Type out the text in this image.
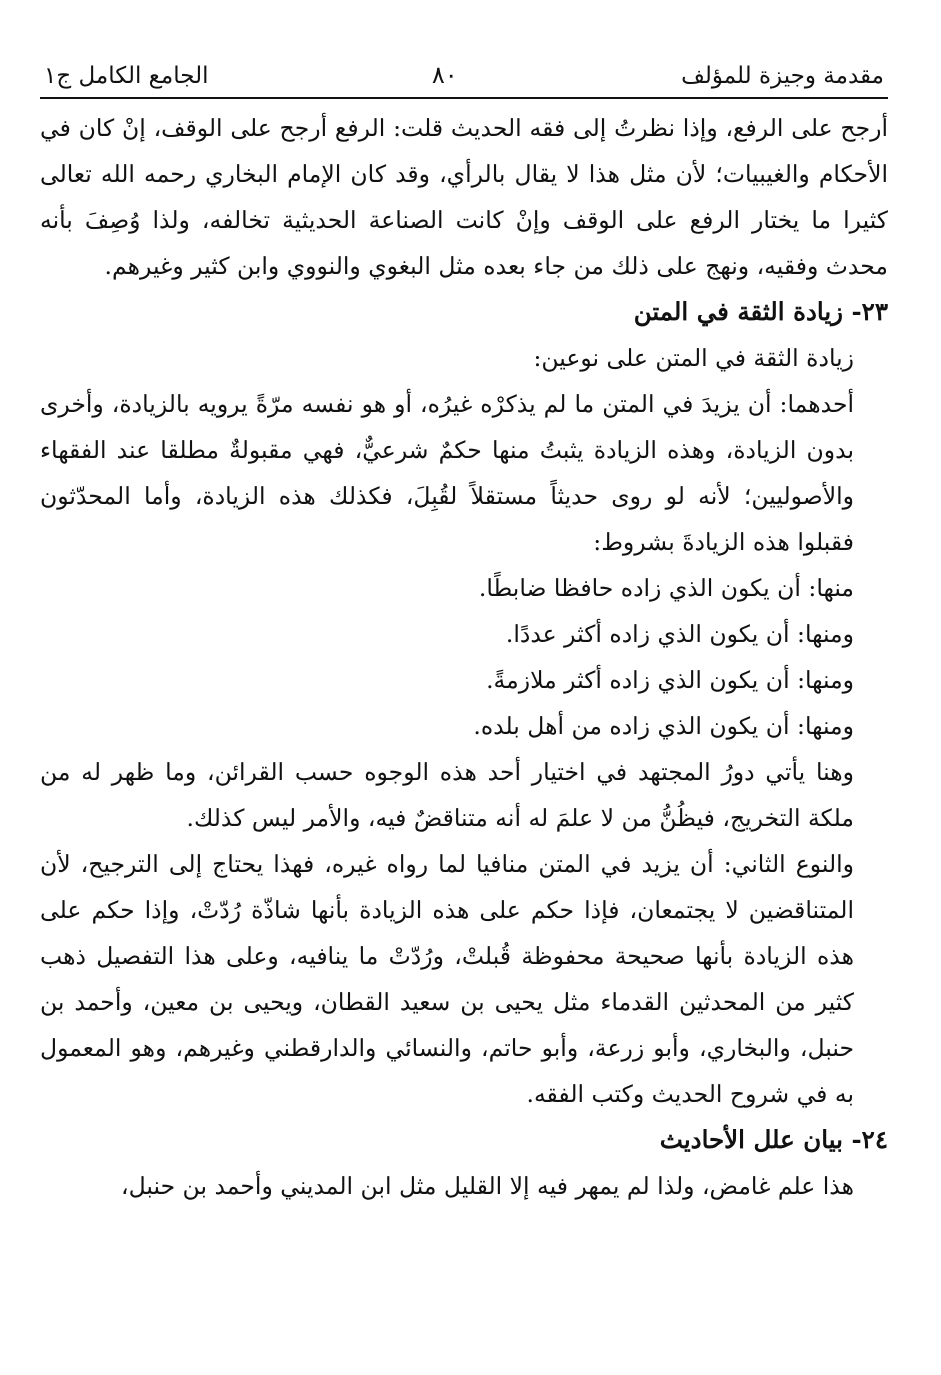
مقدمة وجيزة للمؤلف
٨٠
الجامع الكامل ج١

أرجح على الرفع، وإذا نظرتُ إلى فقه الحديث قلت: الرفع أرجح على الوقف، إنْ كان في الأحكام والغيبيات؛ لأن مثل هذا لا يقال بالرأي، وقد كان الإمام البخاري رحمه الله تعالى كثيرا ما يختار الرفع على الوقف وإنْ كانت الصناعة الحديثية تخالفه، ولذا وُصِفَ بأنه محدث وفقيه، ونهج على ذلك من جاء بعده مثل البغوي والنووي وابن كثير وغيرهم.

٢٣- زيادة الثقة في المتن

زيادة الثقة في المتن على نوعين:

أحدهما: أن يزيدَ في المتن ما لم يذكرْه غيرُه، أو هو نفسه مرّةً يرويه بالزيادة، وأخرى بدون الزيادة، وهذه الزيادة يثبتُ منها حكمٌ شرعيٌّ، فهي مقبولةٌ مطلقا عند الفقهاء والأصوليين؛ لأنه لو روى حديثاً مستقلاً لقُبِلَ، فكذلك هذه الزيادة، وأما المحدّثون فقبلوا هذه الزيادةَ بشروط:

منها: أن يكون الذي زاده حافظا ضابطًا.

ومنها: أن يكون الذي زاده أكثر عددًا.

ومنها: أن يكون الذي زاده أكثر ملازمةً.

ومنها: أن يكون الذي زاده من أهل بلده.

وهنا يأتي دورُ المجتهد في اختيار أحد هذه الوجوه حسب القرائن، وما ظهر له من ملكة التخريج، فيظُنُّ من لا علمَ له أنه متناقضٌ فيه، والأمر ليس كذلك.

والنوع الثاني: أن يزيد في المتن منافيا لما رواه غيره، فهذا يحتاج إلى الترجيح، لأن المتناقضين لا يجتمعان، فإذا حكم على هذه الزيادة بأنها شاذّة رُدّتْ، وإذا حكم على هذه الزيادة بأنها صحيحة محفوظة قُبلتْ، ورُدّتْ ما ينافيه، وعلى هذا التفصيل ذهب كثير من المحدثين القدماء مثل يحيى بن سعيد القطان، ويحيى بن معين، وأحمد بن حنبل، والبخاري، وأبو زرعة، وأبو حاتم، والنسائي والدارقطني وغيرهم، وهو المعمول به في شروح الحديث وكتب الفقه.

٢٤- بيان علل الأحاديث

هذا علم غامض، ولذا لم يمهر فيه إلا القليل مثل ابن المديني وأحمد بن حنبل،
